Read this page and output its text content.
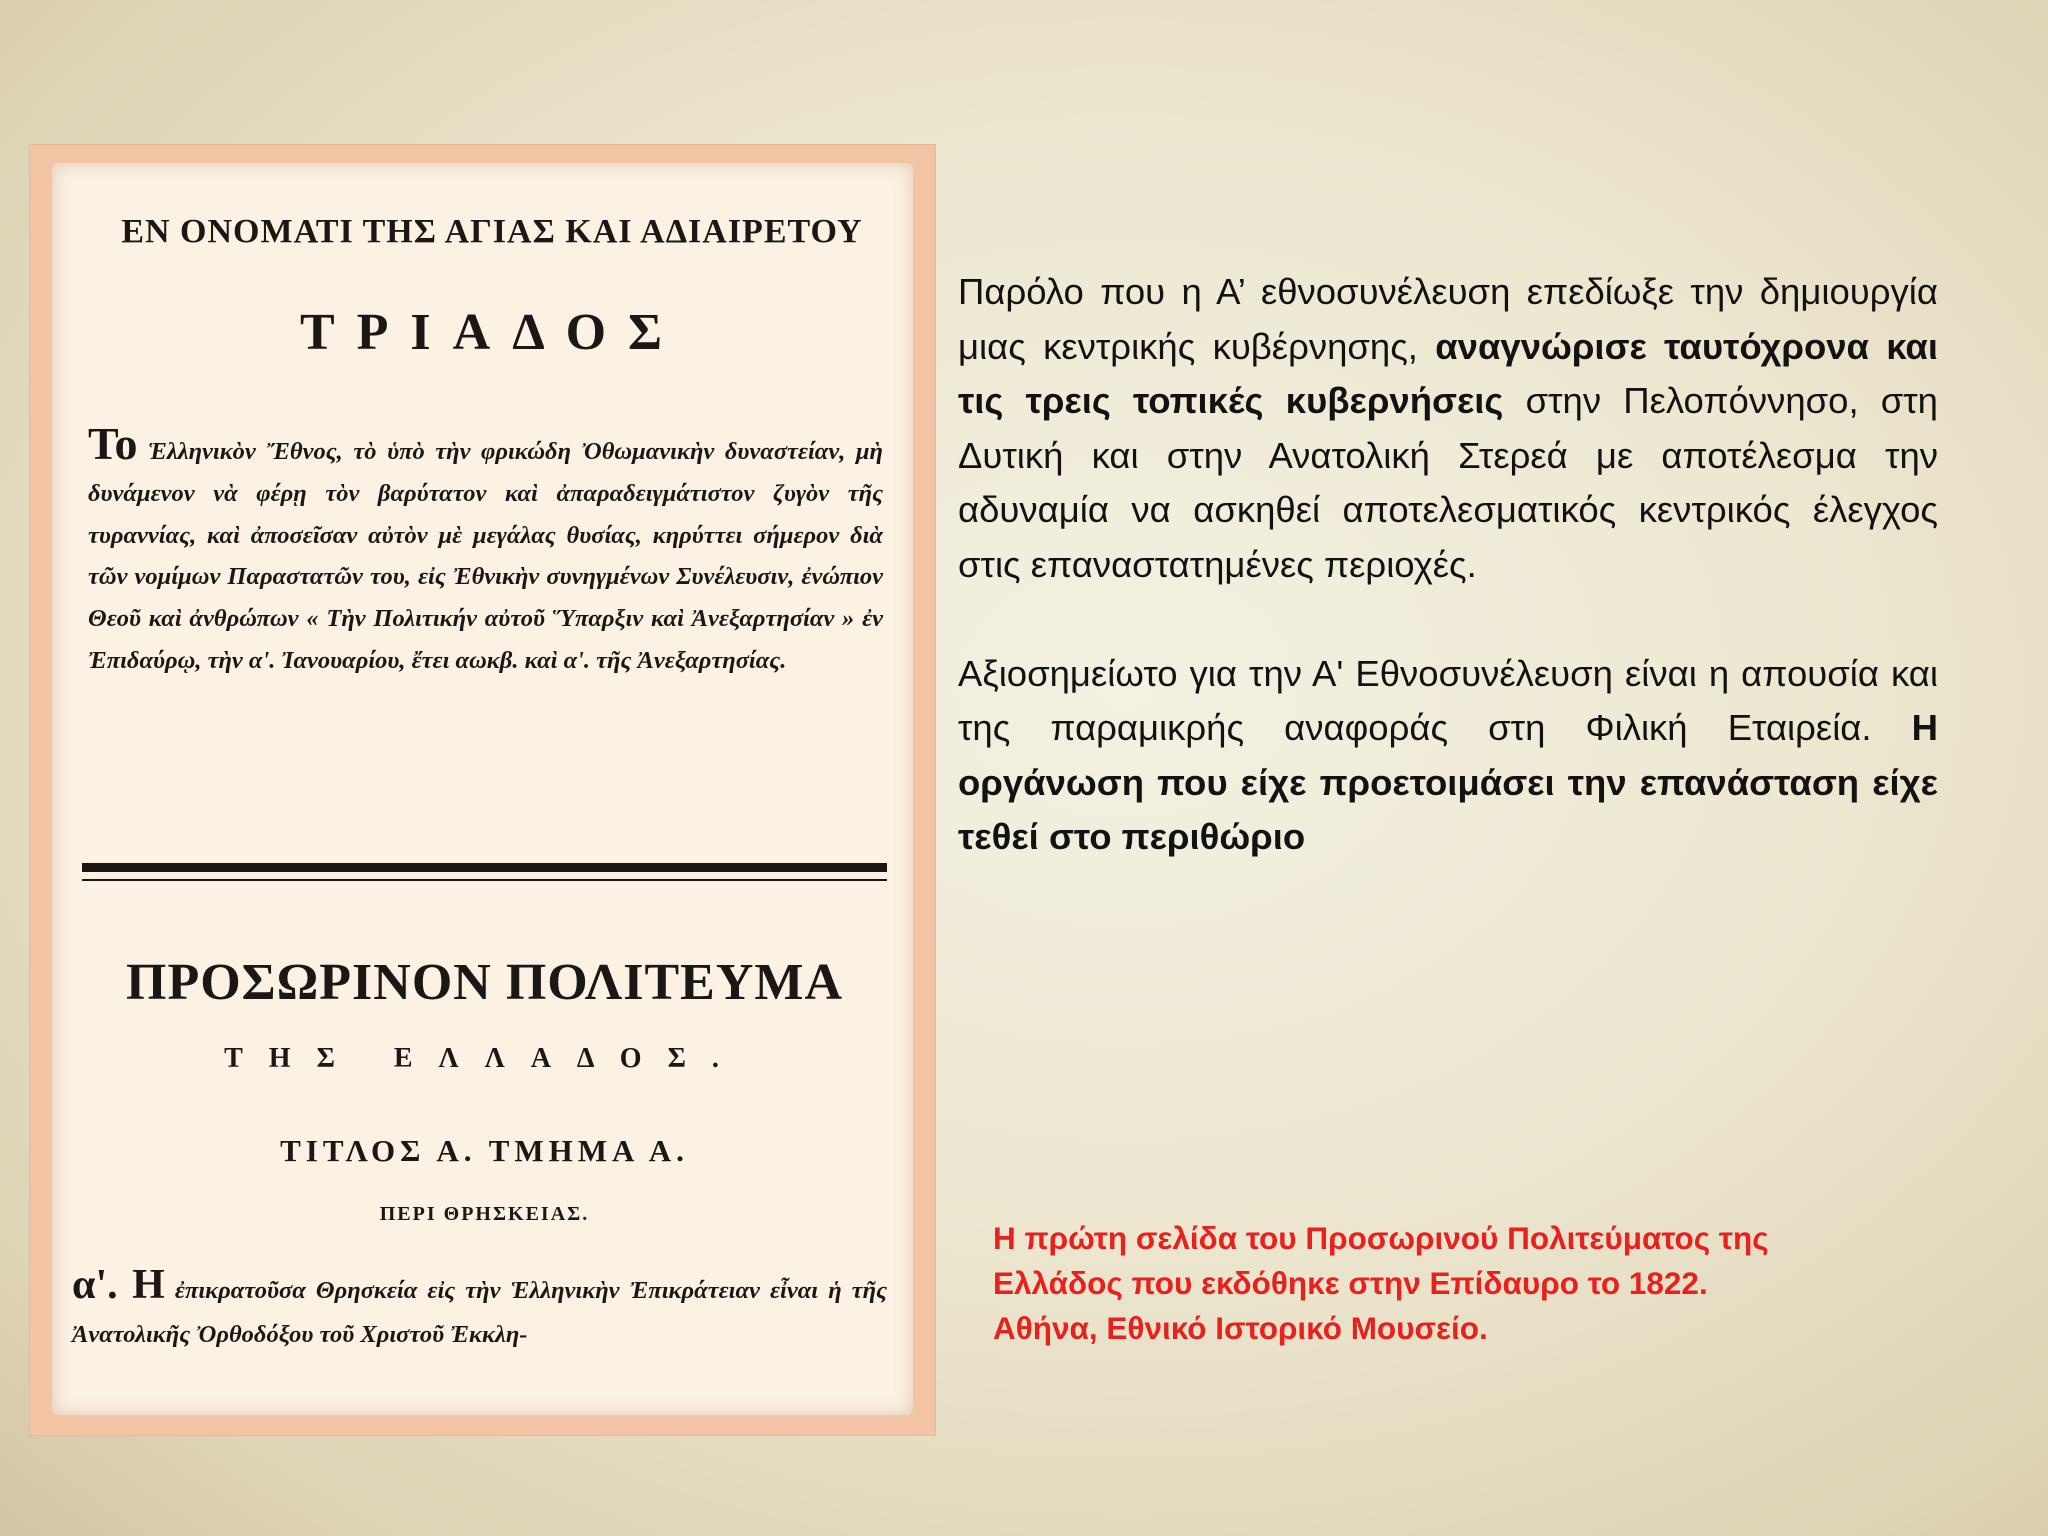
ΕΝ ΟΝΟΜΑΤΙ ΤΗΣ ΑΓΙΑΣ ΚΑΙ ΑΔΙΑΙΡΕΤΟΥ
ΤΡΙΑΔΟΣ
Το Ἑλληνικὸν Ἔθνος, τὸ ὑπὸ τὴν φρικώδη Ὀθωμανικὴν δυναστείαν, μὴ δυνάμενον νὰ φέρῃ τὸν βαρύτατον καὶ ἀπαραδειγμάτιστον ζυγὸν τῆς τυραννίας, καὶ ἀποσεῖσαν αὐτὸν μὲ μεγάλας θυσίας, κηρύττει σήμερον διὰ τῶν νομίμων Παραστατῶν του, εἰς Ἐθνικὴν συνηγμένων Συνέλευσιν, ἐνώπιον Θεοῦ καὶ ἀνθρώπων « Τὴν Πολιτικήν αὐτοῦ Ὕπαρξιν καὶ Ἀνεξαρτησίαν » ἐν Ἐπιδαύρῳ, τὴν α'. Ἰανουαρίου, ἔτει αωκβ. καὶ α'. τῆς Ἀνεξαρτησίας.
ΠΡΟΣΩΡΙΝΟΝ ΠΟΛΙΤΕΥΜΑ
ΤΗΣ ΕΛΛΑΔΟΣ.
ΤΙΤΛΟΣ Α. ΤΜΗΜΑ Α.
ΠΕΡΙ ΘΡΗΣΚΕΙΑΣ.
α'. Η ἐπικρατοῦσα Θρησκεία εἰς τὴν Ἑλληνικὴν Ἐπικράτειαν εἶναι ἡ τῆς Ἀνατολικῆς Ὀρθοδόξου τοῦ Χριστοῦ Ἐκκλη-

Παρόλο που η Α’ εθνοσυνέλευση επεδίωξε την δημιουργία μιας κεντρικής κυβέρνησης, αναγνώρισε ταυτόχρονα και τις τρεις τοπικές κυβερνήσεις στην Πελοπόννησο, στη Δυτική και στην Ανατολική Στερεά με αποτέλεσμα την αδυναμία να ασκηθεί αποτελεσματικός κεντρικός έλεγχος στις επαναστατημένες περιοχές.

Αξιοσημείωτο για την Α' Εθνοσυνέλευση είναι η απουσία και της παραμικρής αναφοράς στη Φιλική Εταιρεία. Η οργάνωση που είχε προετοιμάσει την επανάσταση είχε τεθεί στο περιθώριο

Η πρώτη σελίδα του Προσωρινού Πολιτεύματος της
Ελλάδος που εκδόθηκε στην Επίδαυρο το 1822.
Αθήνα, Εθνικό Ιστορικό Μουσείο.
